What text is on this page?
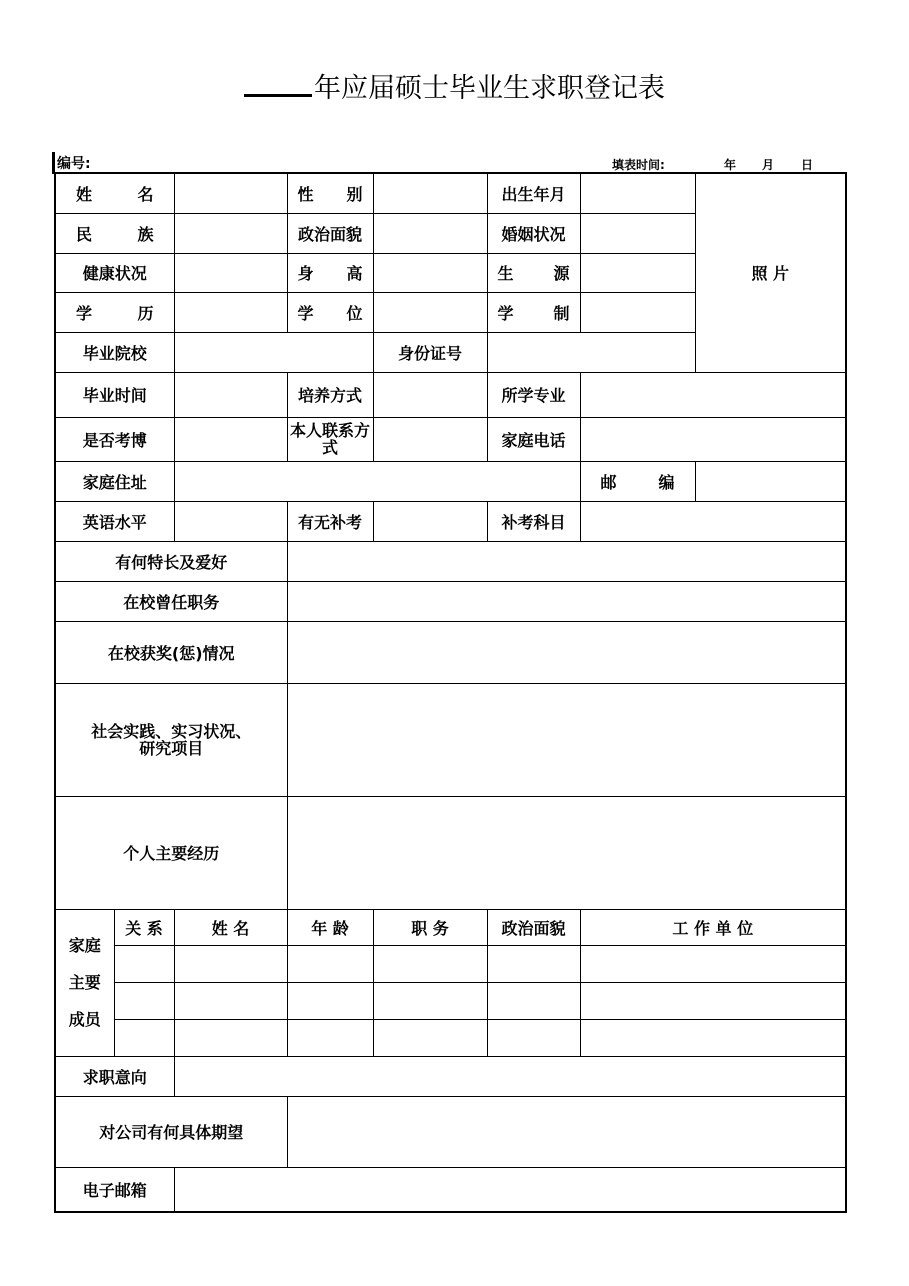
年应届硕士毕业生求职登记表
编号:	填表时间:	年 月 日
姓 名			性 别		出生年月		照 片

民 族			政治面貌		婚姻状况		
健康状况			身 高		生 源		

学 历			学 位		学 制		

毕业院校				身份证号			
毕业时间			培养方式		所学专业		
是否考博			本人联系方式		家庭电话		
家庭住址						邮 编	

英语水平			有无补考		补考科目		
有何特长及爱好							
在校曾任职务							
在校获奖(惩)情况							
社会实践、实习状况、研究项目							
个人主要经历							
家庭主要成员	关 系	姓 名	年 龄	职 务	政治面貌	工 作 单 位	

求职意向							
对公司有何具体期望							
电子邮箱							
